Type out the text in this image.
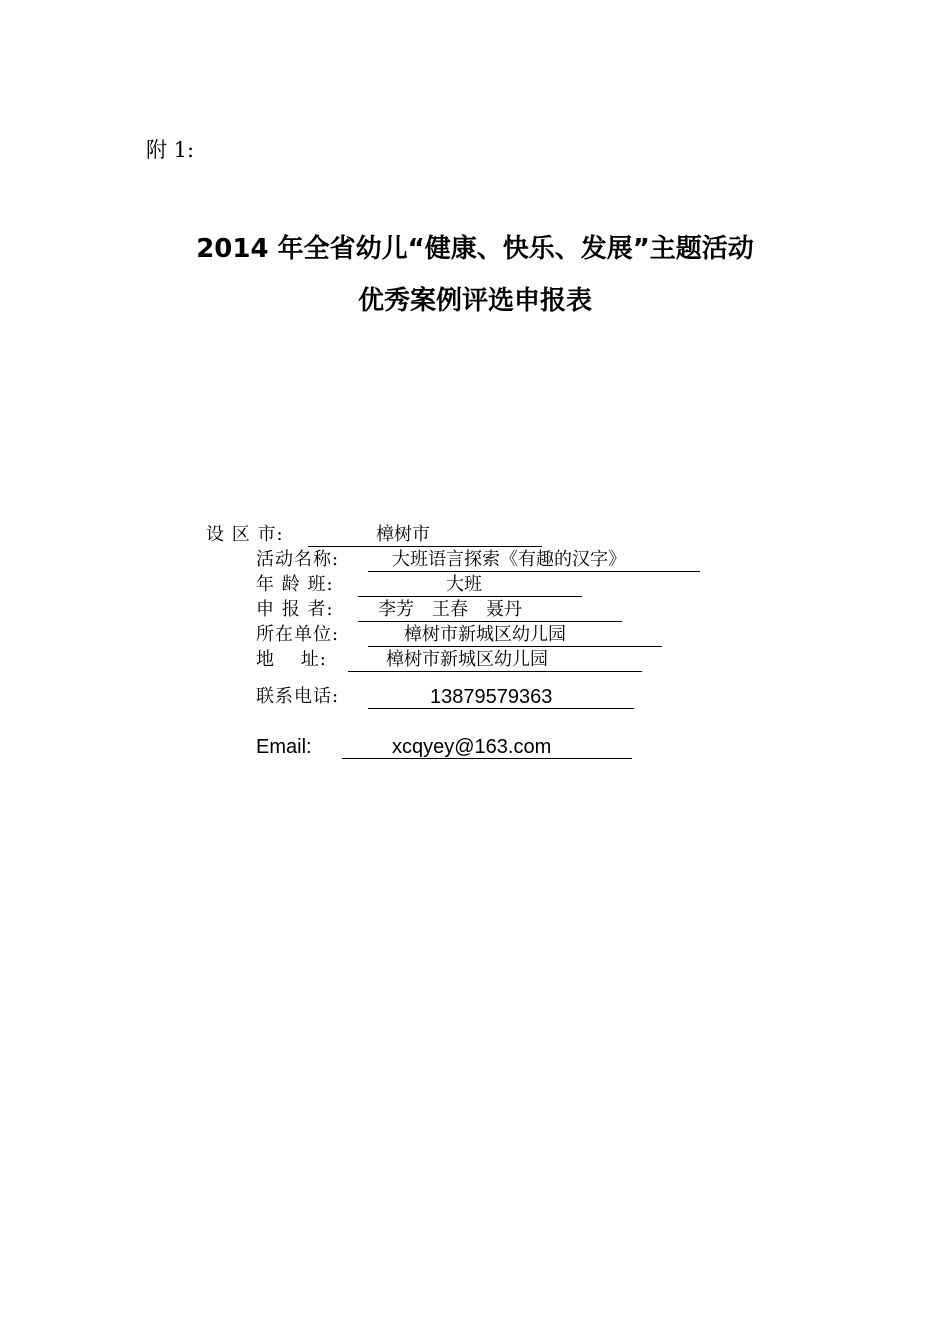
附 1:
2014 年全省幼儿“健康、快乐、发展”主题活动
优秀案例评选申报表
设 区 市:	樟树市
活动名称:	大班语言探索《有趣的汉字》
年 龄 班:	大班
申 报 者: 李芳　王春　聂丹
所在单位:	樟树市新城区幼儿园
地　 址:	樟树市新城区幼儿园
联系电话:	13879579363
Email:	xcqyey@163.com
